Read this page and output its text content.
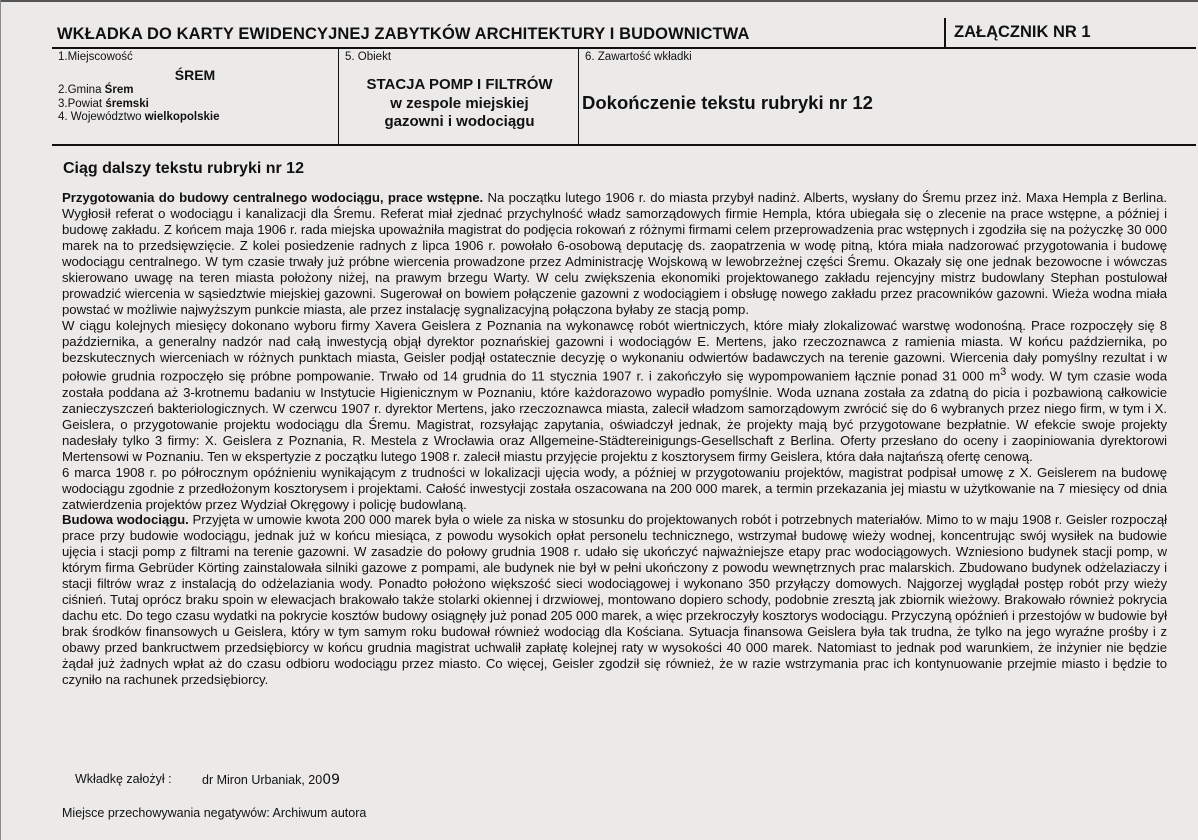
WKŁADKA DO KARTY EWIDENCYJNEJ ZABYTKÓW ARCHITEKTURY I BUDOWNICTWA	ZAŁĄCZNIK NR 1
1.Miejscowość
ŚREM
2.Gmina Śrem
3.Powiat śremski
4. Województwo wielkopolskie
5. Obiekt
STACJA POMP I FILTRÓW
w zespole miejskiej
gazowni i wodociągu
6. Zawartość wkładki
Dokończenie tekstu rubryki nr 12
Ciąg dalszy tekstu rubryki nr 12

Przygotowania do budowy centralnego wodociągu, prace wstępne. Na początku lutego 1906 r. do miasta przybył nadinż. Alberts, wysłany do Śremu przez inż. Maxa Hempla z Berlina. Wygłosił referat o wodociągu i kanalizacji dla Śremu. Referat miał zjednać przychylność władz samorządowych firmie Hempla, która ubiegała się o zlecenie na prace wstępne, a później i budowę zakładu. Z końcem maja 1906 r. rada miejska upoważniła magistrat do podjęcia rokowań z różnymi firmami celem przeprowadzenia prac wstępnych i zgodziła się na pożyczkę 30 000 marek na to przedsięwzięcie. Z kolei posiedzenie radnych z lipca 1906 r. powołało 6-osobową deputację ds. zaopatrzenia w wodę pitną, która miała nadzorować przygotowania i budowę wodociągu centralnego. W tym czasie trwały już próbne wiercenia prowadzone przez Administrację Wojskową w lewobrzeżnej części Śremu. Okazały się one jednak bezowocne i wówczas skierowano uwagę na teren miasta położony niżej, na prawym brzegu Warty. W celu zwiększenia ekonomiki projektowanego zakładu rejencyjny mistrz budowlany Stephan postulował prowadzić wiercenia w sąsiedztwie miejskiej gazowni. Sugerował on bowiem połączenie gazowni z wodociągiem i obsługę nowego zakładu przez pracowników gazowni. Wieża wodna miała powstać w możliwie najwyższym punkcie miasta, ale przez instalację sygnalizacyjną połączona byłaby ze stacją pomp.

W ciągu kolejnych miesięcy dokonano wyboru firmy Xavera Geislera z Poznania na wykonawcę robót wiertniczych, które miały zlokalizować warstwę wodonośną. Prace rozpoczęły się 8 października, a generalny nadzór nad całą inwestycją objął dyrektor poznańskiej gazowni i wodociągów E. Mertens, jako rzeczoznawca z ramienia miasta. W końcu października, po bezskutecznych wierceniach w różnych punktach miasta, Geisler podjął ostatecznie decyzję o wykonaniu odwiertów badawczych na terenie gazowni. Wiercenia dały pomyślny rezultat i w połowie grudnia rozpoczęło się próbne pompowanie. Trwało od 14 grudnia do 11 stycznia 1907 r. i zakończyło się wypompowaniem łącznie ponad 31 000 $m^3$ wody. W tym czasie woda została poddana aż 3-krotnemu badaniu w Instytucie Higienicznym w Poznaniu, które każdorazowo wypadło pomyślnie. Woda uznana została za zdatną do picia i pozbawioną całkowicie zanieczyszczeń bakteriologicznych. W czerwcu 1907 r. dyrektor Mertens, jako rzeczoznawca miasta, zalecił władzom samorządowym zwrócić się do 6 wybranych przez niego firm, w tym i X. Geislera, o przygotowanie projektu wodociągu dla Śremu. Magistrat, rozsyłając zapytania, oświadczył jednak, że projekty mają być przygotowane bezpłatnie. W efekcie swoje projekty nadesłały tylko 3 firmy: X. Geislera z Poznania, R. Mestela z Wrocławia oraz Allgemeine-Städtereinigungs-Gesellschaft z Berlina. Oferty przesłano do oceny i zaopiniowania dyrektorowi Mertensowi w Poznaniu. Ten w ekspertyzie z początku lutego 1908 r. zalecił miastu przyjęcie projektu z kosztorysem firmy Geislera, która dała najtańszą ofertę cenową.

6 marca 1908 r. po półrocznym opóźnieniu wynikającym z trudności w lokalizacji ujęcia wody, a później w przygotowaniu projektów, magistrat podpisał umowę z X. Geislerem na budowę wodociągu zgodnie z przedłożonym kosztorysem i projektami. Całość inwestycji została oszacowana na 200 000 marek, a termin przekazania jej miastu w użytkowanie na 7 miesięcy od dnia zatwierdzenia projektów przez Wydział Okręgowy i policję budowlaną.

Budowa wodociągu. Przyjęta w umowie kwota 200 000 marek była o wiele za niska w stosunku do projektowanych robót i potrzebnych materiałów. Mimo to w maju 1908 r. Geisler rozpoczął prace przy budowie wodociągu, jednak już w końcu miesiąca, z powodu wysokich opłat personelu technicznego, wstrzymał budowę wieży wodnej, koncentrując swój wysiłek na budowie ujęcia i stacji pomp z filtrami na terenie gazowni. W zasadzie do połowy grudnia 1908 r. udało się ukończyć najważniejsze etapy prac wodociągowych. Wzniesiono budynek stacji pomp, w którym firma Gebrüder Körting zainstalowała silniki gazowe z pompami, ale budynek nie był w pełni ukończony z powodu wewnętrznych prac malarskich. Zbudowano budynek odżelaziaczy i stacji filtrów wraz z instalacją do odżelaziania wody. Ponadto położono większość sieci wodociągowej i wykonano 350 przyłączy domowych. Najgorzej wyglądał postęp robót przy wieży ciśnień. Tutaj oprócz braku spoin w elewacjach brakowało także stolarki okiennej i drzwiowej, montowano dopiero schody, podobnie zresztą jak zbiornik wieżowy. Brakowało również pokrycia dachu etc. Do tego czasu wydatki na pokrycie kosztów budowy osiągnęły już ponad 205 000 marek, a więc przekroczyły kosztorys wodociągu. Przyczyną opóźnień i przestojów w budowie był brak środków finansowych u Geislera, który w tym samym roku budował również wodociąg dla Kościana. Sytuacja finansowa Geislera była tak trudna, że tylko na jego wyraźne prośby i z obawy przed bankructwem przedsiębiorcy w końcu grudnia magistrat uchwalił zapłatę kolejnej raty w wysokości 40 000 marek. Natomiast to jednak pod warunkiem, że inżynier nie będzie żądał już żadnych wpłat aż do czasu odbioru wodociągu przez miasto. Co więcej, Geisler zgodził się również, że w razie wstrzymania prac ich kontynuowanie przejmie miasto i będzie to czyniło na rachunek przedsiębiorcy.

Wkładkę założył : dr Miron Urbaniak, 2009
Miejsce przechowywania negatywów: Archiwum autora
